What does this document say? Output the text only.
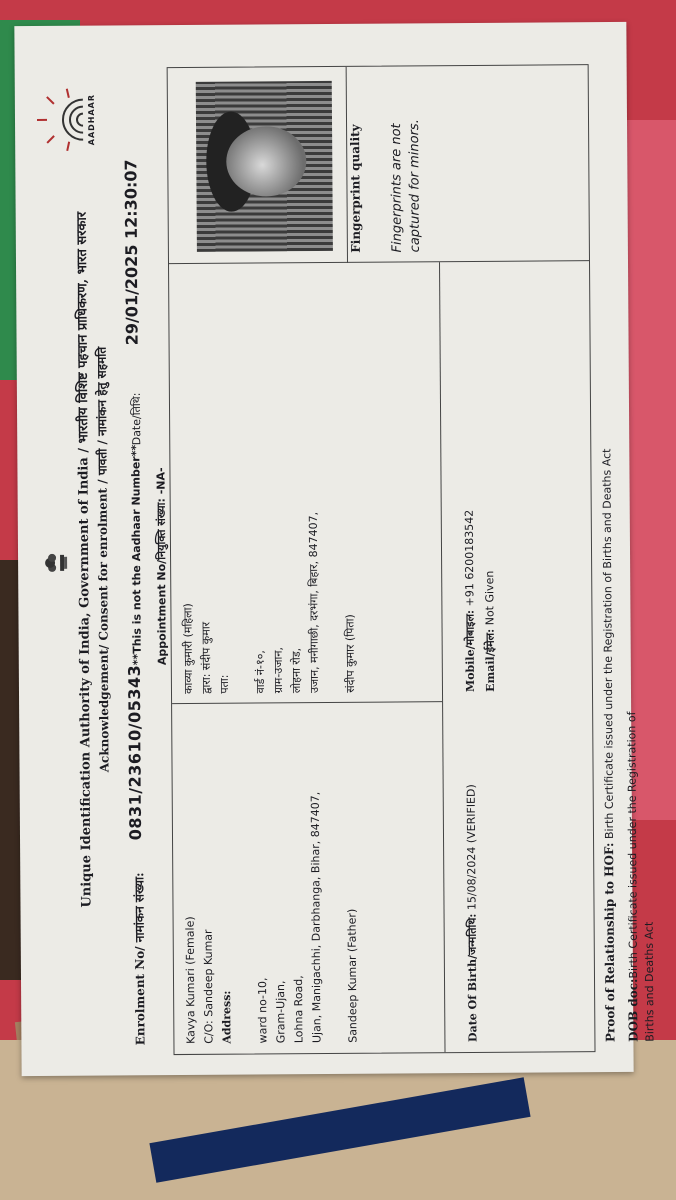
AADHAAR
Unique Identification Authority of India, Government of India / भारतीय विशिष्ट पहचान प्राधिकरण, भारत सरकार Acknowledgement/ Consent for enrolment / पावती / नामांकन हेतु सहमति
Enrolment No/ नामांकन संख्या:
0831/23610/05343
**This is not the Aadhaar Number**
Date/तिथि:
29/01/2025 12:30:07
Appointment No/नियुक्ति संख्या: -NA-
Kavya Kumari (Female) C/O: Sandeep Kumar Address: ward no-10, Gram-Ujan, Lohna Road, Ujan, Manigachhi, Darbhanga, Bihar, 847407, Sandeep Kumar (Father)
काव्या कुमारी (महिला) द्वारा: संदीप कुमार पता: वार्ड नं-१०, ग्राम-उजान, लोहना रोड, उजान, मनीगाछी, दरभंगा, बिहार, 847407, संदीप कुमार (पिता)
Date Of Birth/जन्मतिथि: 15/08/2024 (VERIFIED)
Mobile/मोबाइल: +91 6200183542
Email/ईमेल: Not Given
Fingerprint quality Fingerprints are not captured for minors.
Proof of Relationship to HOF: Birth Certificate issued under the Registration of Births and Deaths Act
DOB doc:Birth Certificate issued under the Registration of
Births and Deaths Act
